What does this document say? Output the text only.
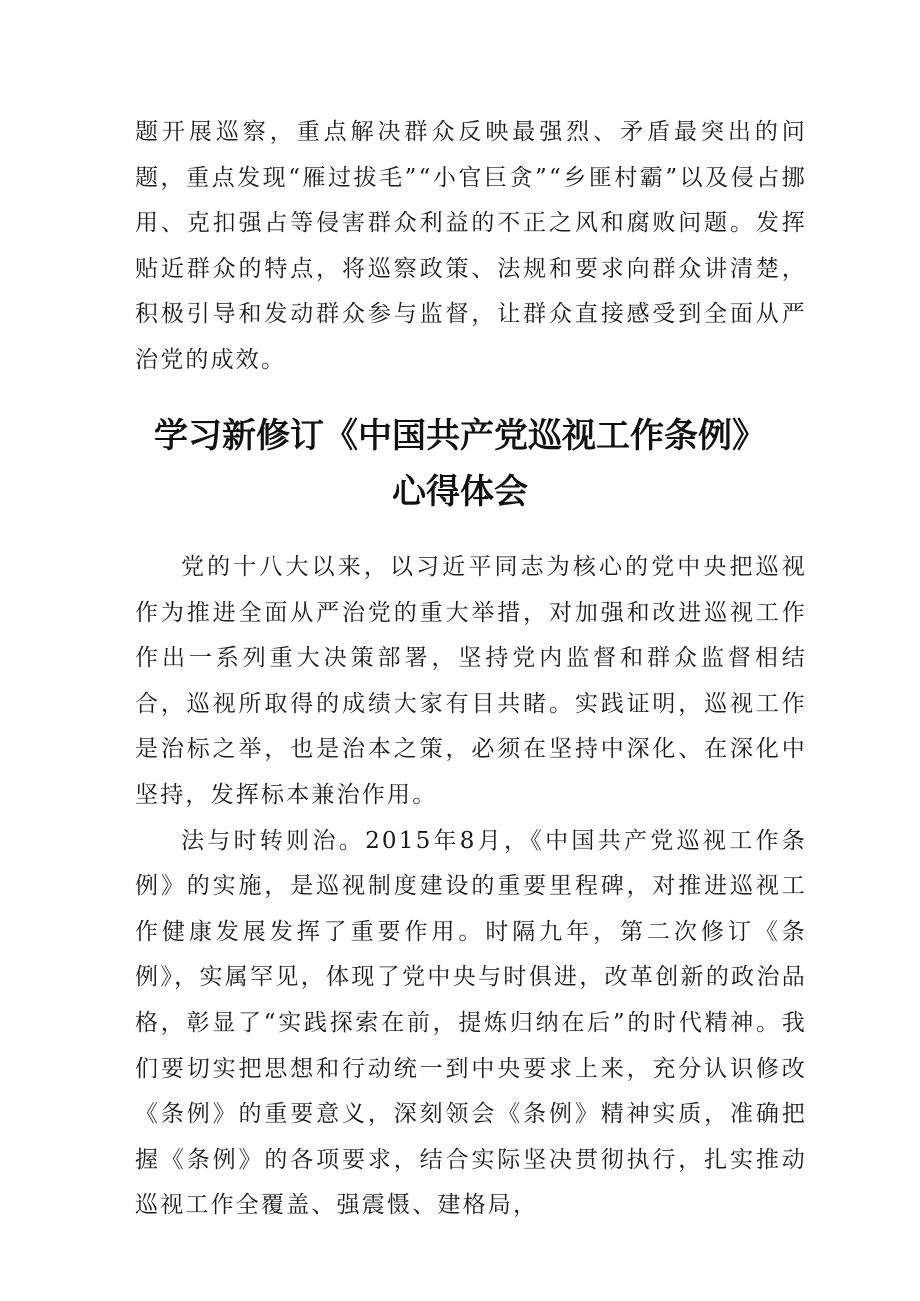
题开展巡察，重点解决群众反映最强烈、矛盾最突出的问题，重点发现“雁过拔毛”“小官巨贪”“乡匪村霸”以及侵占挪用、克扣强占等侵害群众利益的不正之风和腐败问题。发挥贴近群众的特点，将巡察政策、法规和要求向群众讲清楚，积极引导和发动群众参与监督，让群众直接感受到全面从严治党的成效。

学习新修订《中国共产党巡视工作条例》
心得体会

党的十八大以来，以习近平同志为核心的党中央把巡视作为推进全面从严治党的重大举措，对加强和改进巡视工作作出一系列重大决策部署，坚持党内监督和群众监督相结合，巡视所取得的成绩大家有目共睹。实践证明，巡视工作是治标之举，也是治本之策，必须在坚持中深化、在深化中坚持，发挥标本兼治作用。

法与时转则治。2015年8月，《中国共产党巡视工作条例》的实施，是巡视制度建设的重要里程碑，对推进巡视工作健康发展发挥了重要作用。时隔九年，第二次修订《条例》，实属罕见，体现了党中央与时俱进，改革创新的政治品格，彰显了“实践探索在前，提炼归纳在后”的时代精神。我们要切实把思想和行动统一到中央要求上来，充分认识修改《条例》的重要意义，深刻领会《条例》精神实质，准确把握《条例》的各项要求，结合实际坚决贯彻执行，扎实推动巡视工作全覆盖、强震慑、建格局，
